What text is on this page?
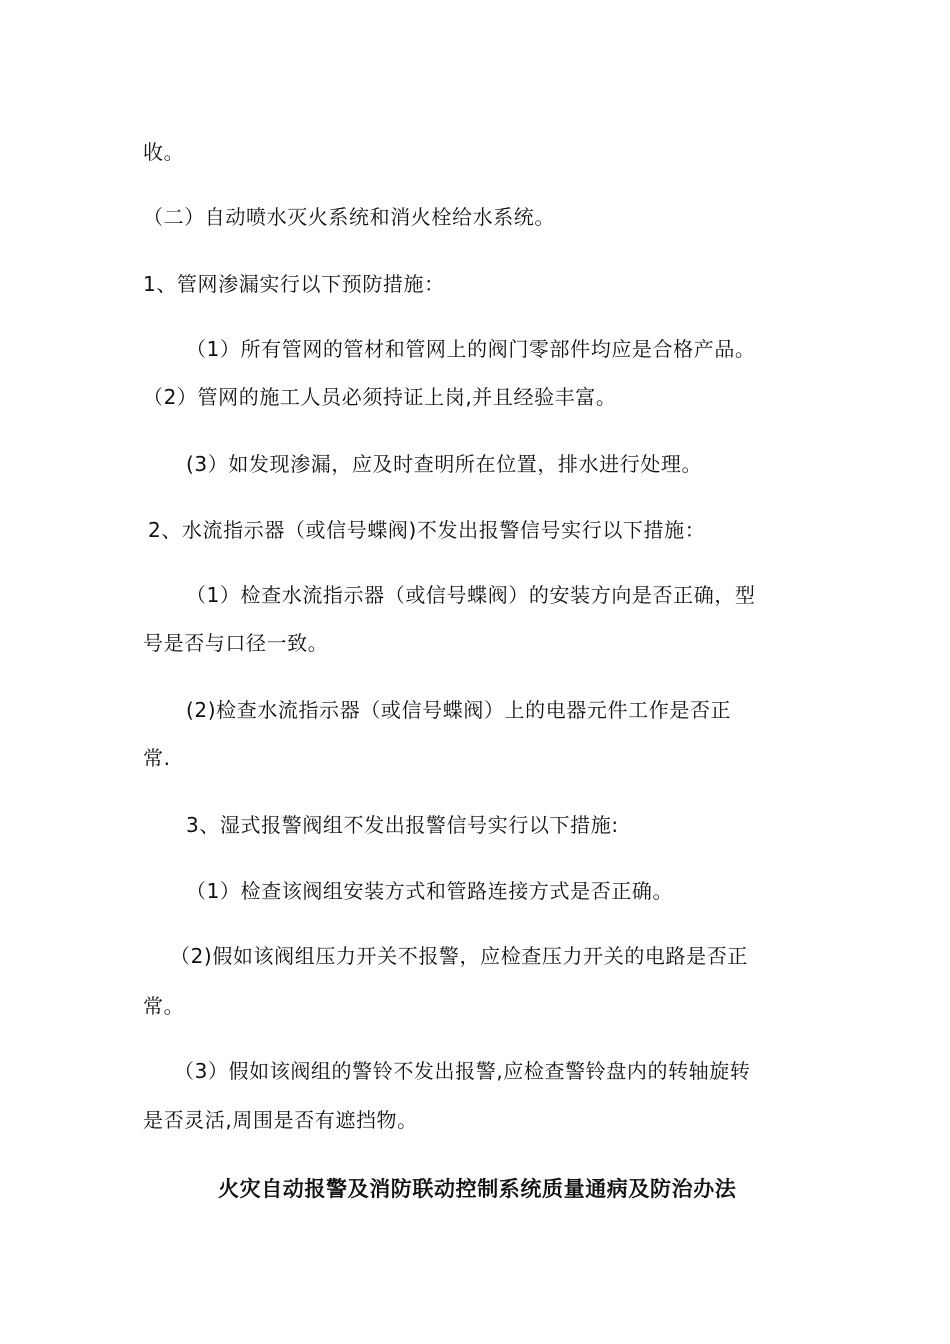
收。
（二）自动喷水灭火系统和消火栓给水系统。
1、管网渗漏实行以下预防措施：
（1）所有管网的管材和管网上的阀门零部件均应是合格产品。
（2）管网的施工人员必须持证上岗,并且经验丰富。
(3）如发现渗漏，应及时查明所在位置，排水进行处理。
2、水流指示器（或信号蝶阀)不发出报警信号实行以下措施：
（1）检查水流指示器（或信号蝶阀）的安装方向是否正确，型
号是否与口径一致。
(2)检查水流指示器（或信号蝶阀）上的电器元件工作是否正
常.
3、湿式报警阀组不发出报警信号实行以下措施:
（1）检查该阀组安装方式和管路连接方式是否正确。
（2)假如该阀组压力开关不报警，应检查压力开关的电路是否正
常。
（3）假如该阀组的警铃不发出报警,应检查警铃盘内的转轴旋转
是否灵活,周围是否有遮挡物。
火灾自动报警及消防联动控制系统质量通病及防治办法
